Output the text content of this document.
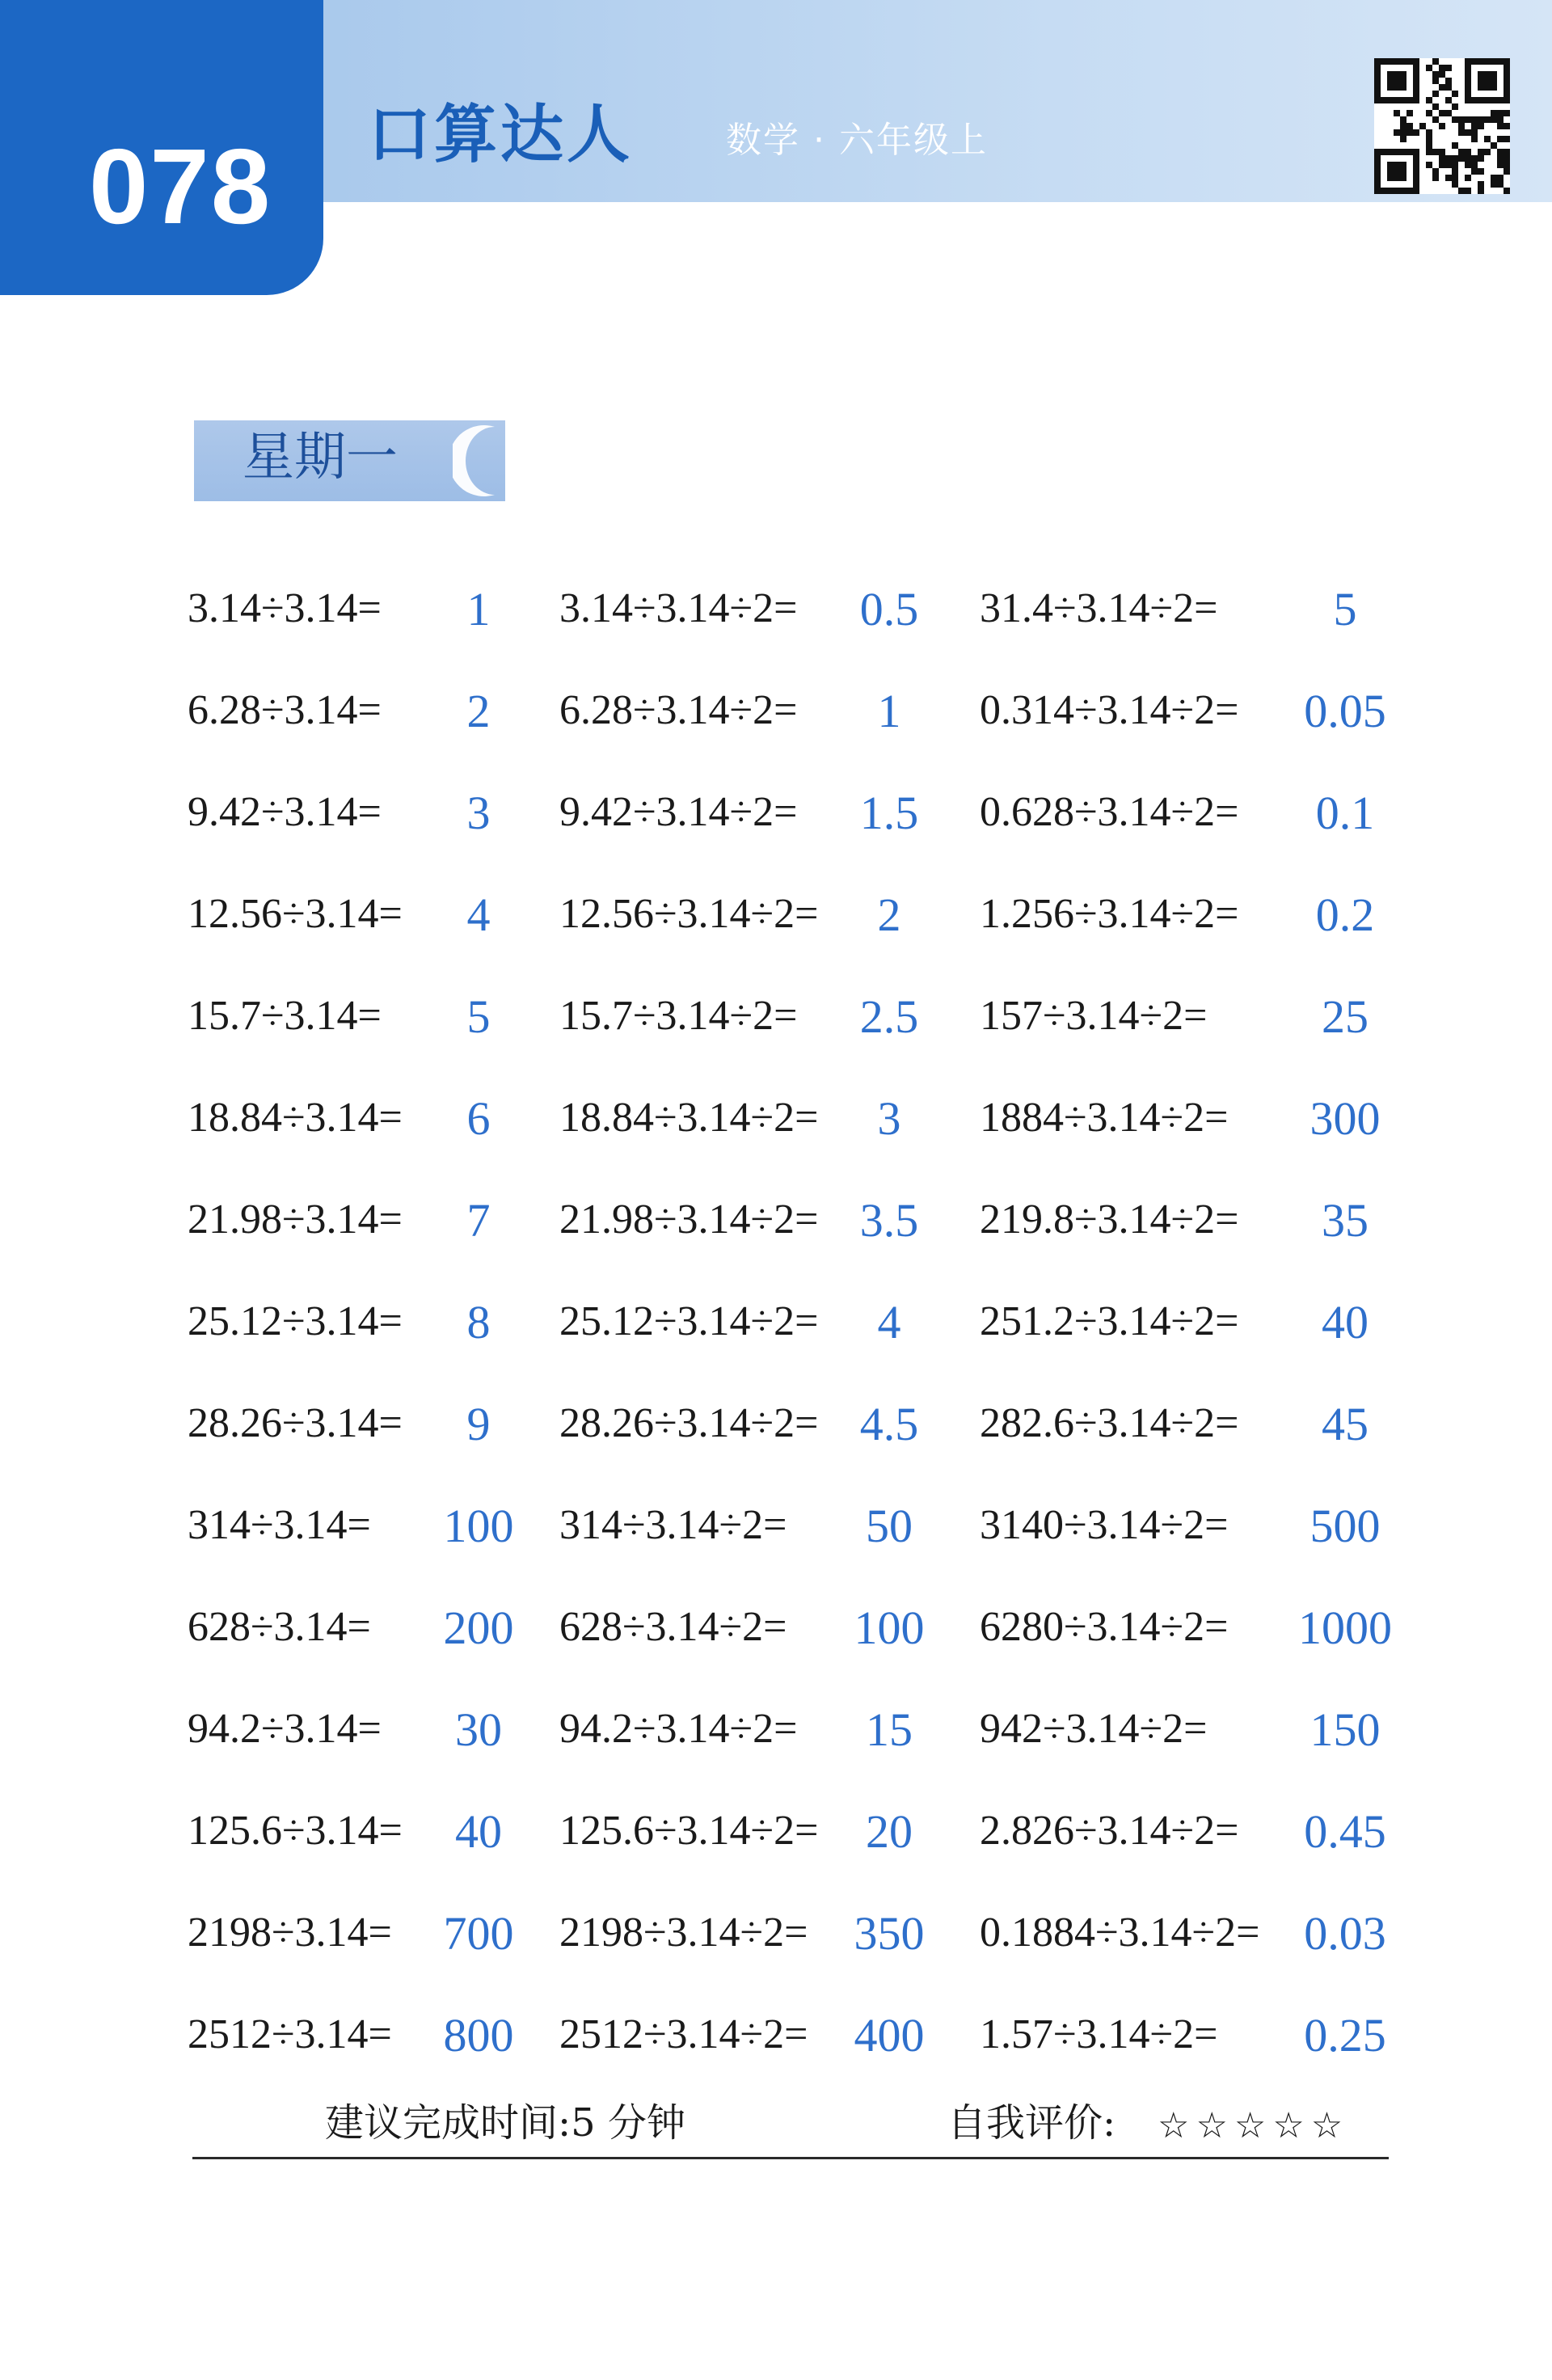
078	口算达人	数学 · 六年级上
星期一
3.14÷3.14=	1	3.14÷3.14÷2=	0.5	31.4÷3.14÷2=	5
6.28÷3.14=	2	6.28÷3.14÷2=	1	0.314÷3.14÷2= 0.05
9.42÷3.14=	3	9.42÷3.14÷2=	1.5	0.628÷3.14÷2=	0.1
12.56÷3.14=	4	12.56÷3.14÷2=	2	1.256÷3.14÷2=	0.2
15.7÷3.14=	5	15.7÷3.14÷2=	2.5	157÷3.14÷2=	25
18.84÷3.14=	6	18.84÷3.14÷2=	3	1884÷3.14÷2= 300
21.98÷3.14=	7	21.98÷3.14÷2= 3.5	219.8÷3.14÷2=	35
25.12÷3.14=	8	25.12÷3.14÷2=	4	251.2÷3.14÷2=	40
28.26÷3.14=	9	28.26÷3.14÷2= 4.5	282.6÷3.14÷2=	45
314÷3.14= 100	314÷3.14÷2=	50	3140÷3.14÷2= 500
628÷3.14= 200	628÷3.14÷2= 100	6280÷3.14÷2= 1000
94.2÷3.14=	30	94.2÷3.14÷2=	15	942÷3.14÷2= 150
125.6÷3.14=	40	125.6÷3.14÷2=	20	2.826÷3.14÷2= 0.45
2198÷3.14= 700	2198÷3.14÷2= 350	0.1884÷3.14÷2= 0.03
2512÷3.14= 800	2512÷3.14÷2= 400	1.57÷3.14÷2= 0.25
建议完成时间:5 分钟	自我评价: ☆☆☆☆☆
